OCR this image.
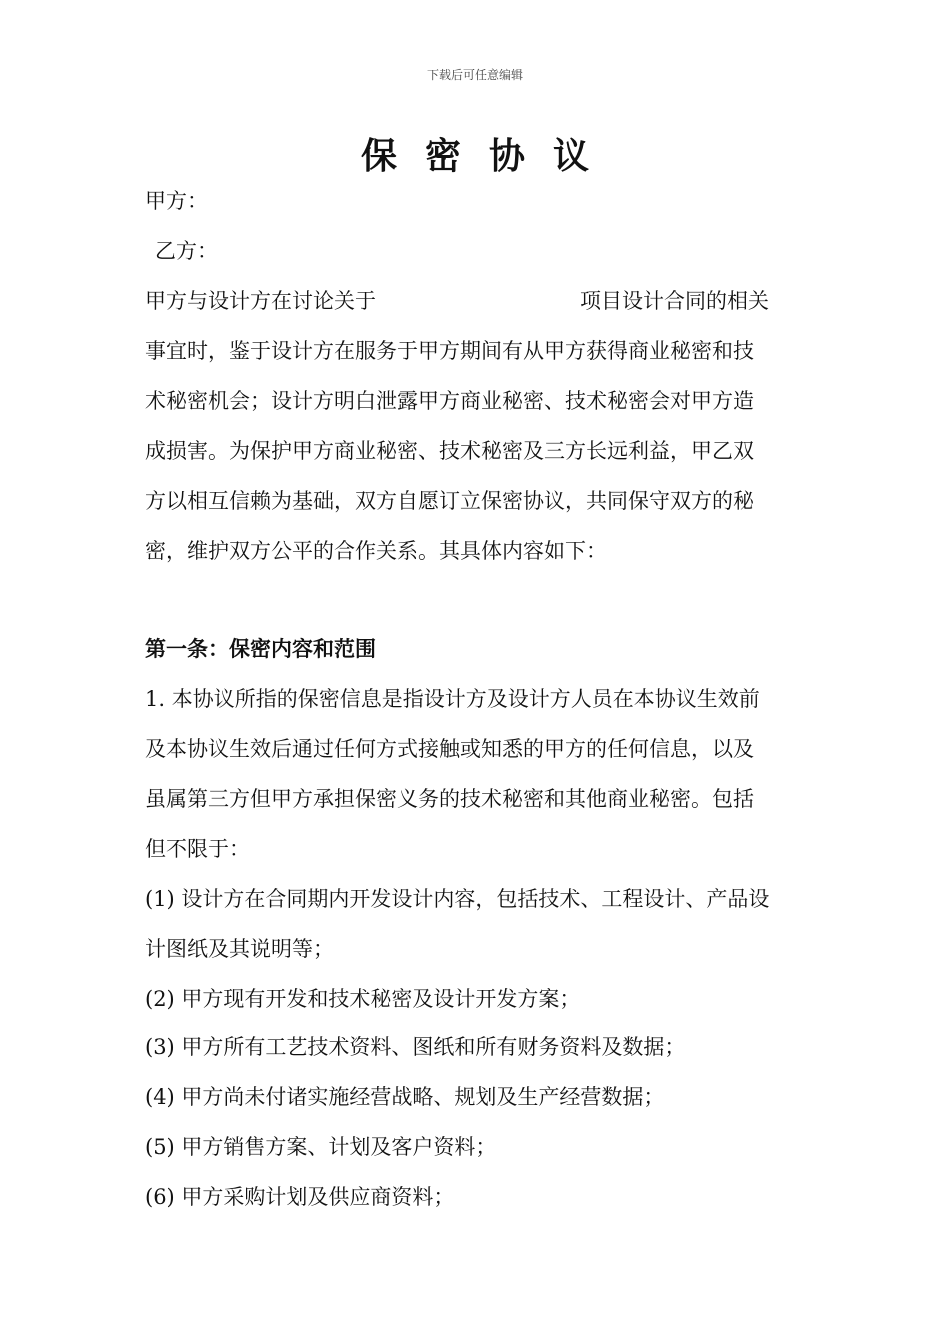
下载后可任意编辑
保密协议
甲方：
乙方：
甲方与设计方在讨论关于	项目设计合同的相关
事宜时，鉴于设计方在服务于甲方期间有从甲方获得商业秘密和技
术秘密机会；设计方明白泄露甲方商业秘密、技术秘密会对甲方造
成损害。为保护甲方商业秘密、技术秘密及三方长远利益，甲乙双
方以相互信赖为基础，双方自愿订立保密协议，共同保守双方的秘
密，维护双方公平的合作关系。其具体内容如下：
第一条：保密内容和范围
1. 本协议所指的保密信息是指设计方及设计方人员在本协议生效前
及本协议生效后通过任何方式接触或知悉的甲方的任何信息，以及
虽属第三方但甲方承担保密义务的技术秘密和其他商业秘密。包括
但不限于：
(1) 设计方在合同期内开发设计内容，包括技术、工程设计、产品设
计图纸及其说明等；
(2) 甲方现有开发和技术秘密及设计开发方案；
(3) 甲方所有工艺技术资料、图纸和所有财务资料及数据；
(4) 甲方尚未付诸实施经营战略、规划及生产经营数据；
(5) 甲方销售方案、计划及客户资料；
(6) 甲方采购计划及供应商资料；
